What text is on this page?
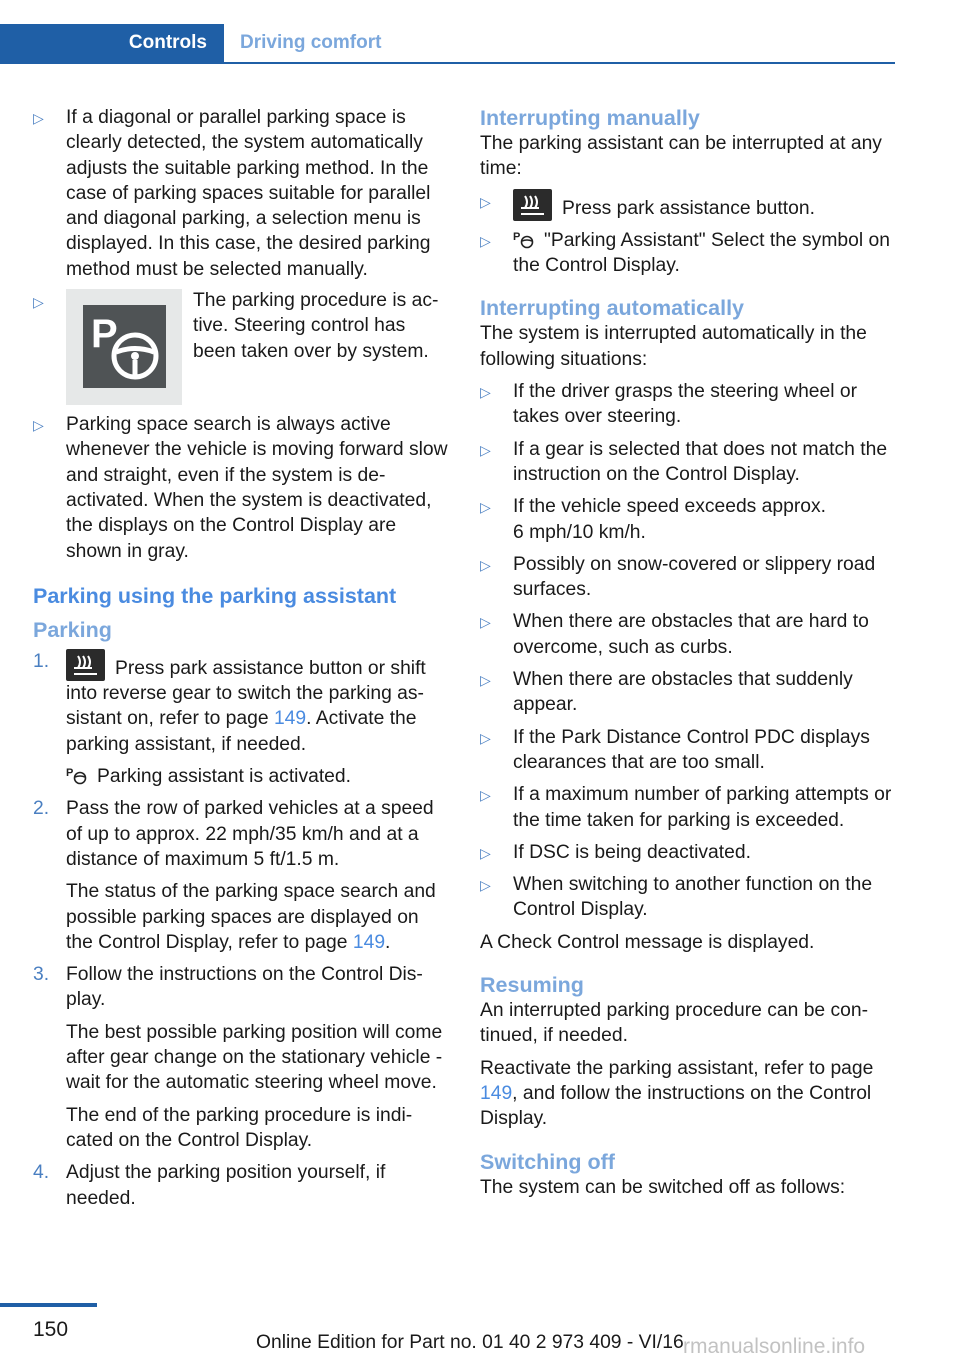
Controls	Driving comfort
▷ If a diagonal or parallel parking space is clearly detected, the system automatically adjusts the suitable parking method. In the case of parking spaces suitable for parallel and diagonal parking, a selection menu is displayed. In this case, the desired parking method must be selected manually.

▷
P

The parking procedure is ac‐tive. Steering control has been taken over by system.

▷ Parking space search is always active whenever the vehicle is moving forward slow and straight, even if the system is de‐activated. When the system is deactivated, the displays on the Control Display are shown in gray.

Parking using the parking assistant
Parking
1.	Press park assistance button or shift into reverse gear to switch the parking as‐sistant on, refer to page 149. Activate the parking assistant, if needed.

P Parking assistant is activated.

2. Pass the row of parked vehicles at a speed of up to approx. 22 mph/35 km/h and at a distance of maximum 5 ft/1.5 m.

The status of the parking space search and possible parking spaces are displayed on the Control Display, refer to page 149.

3. Follow the instructions on the Control Dis‐play.

The best possible parking position will come after gear change on the stationary vehicle - wait for the automatic steering wheel move.

The end of the parking procedure is indi‐cated on the Control Display.

4. Adjust the parking position yourself, if needed.

Interrupting manually

The parking assistant can be interrupted at any time:

▷	Press park assistance button.

▷ P "Parking Assistant" Select the symbol on the Control Display.

Interrupting automatically

The system is interrupted automatically in the following situations:

▷ If the driver grasps the steering wheel or takes over steering.

▷ If a gear is selected that does not match the instruction on the Control Display.

▷ If the vehicle speed exceeds approx.
6 mph/10 km/h.

▷ Possibly on snow-covered or slippery road surfaces.

▷ When there are obstacles that are hard to overcome, such as curbs.

▷ When there are obstacles that suddenly appear.

▷ If the Park Distance Control PDC displays clearances that are too small.

▷ If a maximum number of parking attempts or the time taken for parking is exceeded.

▷ If DSC is being deactivated.

▷ When switching to another function on the Control Display.

A Check Control message is displayed.

Resuming

An interrupted parking procedure can be con‐tinued, if needed.

Reactivate the parking assistant, refer to page 149, and follow the instructions on the Control Display.

Switching off

The system can be switched off as follows:

150
Online Edition for Part no. 01 40 2 973 409 - VI/16 rmanualsonline.info
